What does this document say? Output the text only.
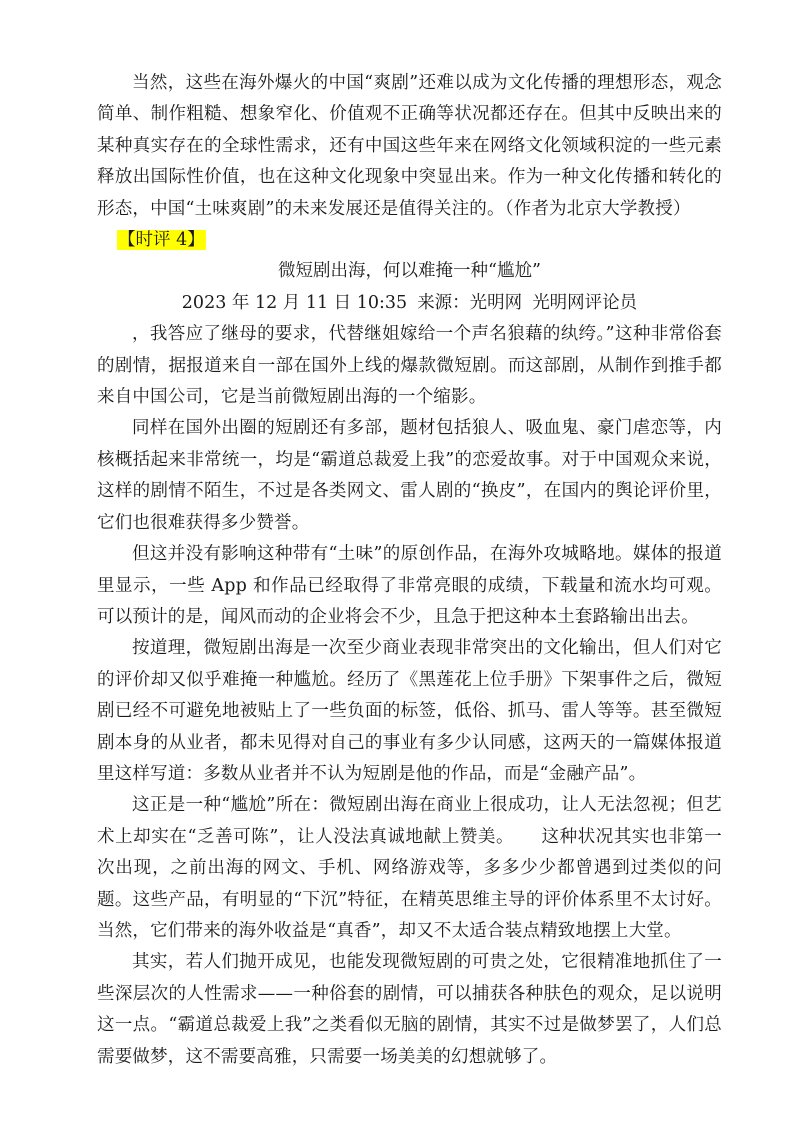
当然，这些在海外爆火的中国“爽剧”还难以成为文化传播的理想形态，观念简单、制作粗糙、想象窄化、价值观不正确等状况都还存在。但其中反映出来的某种真实存在的全球性需求，还有中国这些年来在网络文化领域积淀的一些元素释放出国际性价值，也在这种文化现象中突显出来。作为一种文化传播和转化的形态，中国“土味爽剧”的未来发展还是值得关注的。（作者为北京大学教授）

【时评 4】
微短剧出海，何以难掩一种“尴尬”
2023 年 12 月 11 日 10:35 来源：光明网 光明网评论员

，我答应了继母的要求，代替继姐嫁给一个声名狼藉的纨绔。”这种非常俗套的剧情，据报道来自一部在国外上线的爆款微短剧。而这部剧，从制作到推手都来自中国公司，它是当前微短剧出海的一个缩影。

同样在国外出圈的短剧还有多部，题材包括狼人、吸血鬼、豪门虐恋等，内核概括起来非常统一，均是“霸道总裁爱上我”的恋爱故事。对于中国观众来说，这样的剧情不陌生，不过是各类网文、雷人剧的“换皮”，在国内的舆论评价里，它们也很难获得多少赞誉。

但这并没有影响这种带有“土味”的原创作品，在海外攻城略地。媒体的报道里显示，一些 App 和作品已经取得了非常亮眼的成绩，下载量和流水均可观。可以预计的是，闻风而动的企业将会不少，且急于把这种本土套路输出出去。

按道理，微短剧出海是一次至少商业表现非常突出的文化输出，但人们对它的评价却又似乎难掩一种尴尬。经历了《黑莲花上位手册》下架事件之后，微短剧已经不可避免地被贴上了一些负面的标签，低俗、抓马、雷人等等。甚至微短剧本身的从业者，都未见得对自己的事业有多少认同感，这两天的一篇媒体报道里这样写道：多数从业者并不认为短剧是他的作品，而是“金融产品”。

这正是一种“尴尬”所在：微短剧出海在商业上很成功，让人无法忽视；但艺术上却实在“乏善可陈”，让人没法真诚地献上赞美。　　这种状况其实也非第一次出现，之前出海的网文、手机、网络游戏等，多多少少都曾遇到过类似的问题。这些产品，有明显的“下沉”特征，在精英思维主导的评价体系里不太讨好。当然，它们带来的海外收益是“真香”，却又不太适合装点精致地摆上大堂。

其实，若人们抛开成见，也能发现微短剧的可贵之处，它很精准地抓住了一些深层次的人性需求——一种俗套的剧情，可以捕获各种肤色的观众，足以说明这一点。“霸道总裁爱上我”之类看似无脑的剧情，其实不过是做梦罢了，人们总需要做梦，这不需要高雅，只需要一场美美的幻想就够了。
